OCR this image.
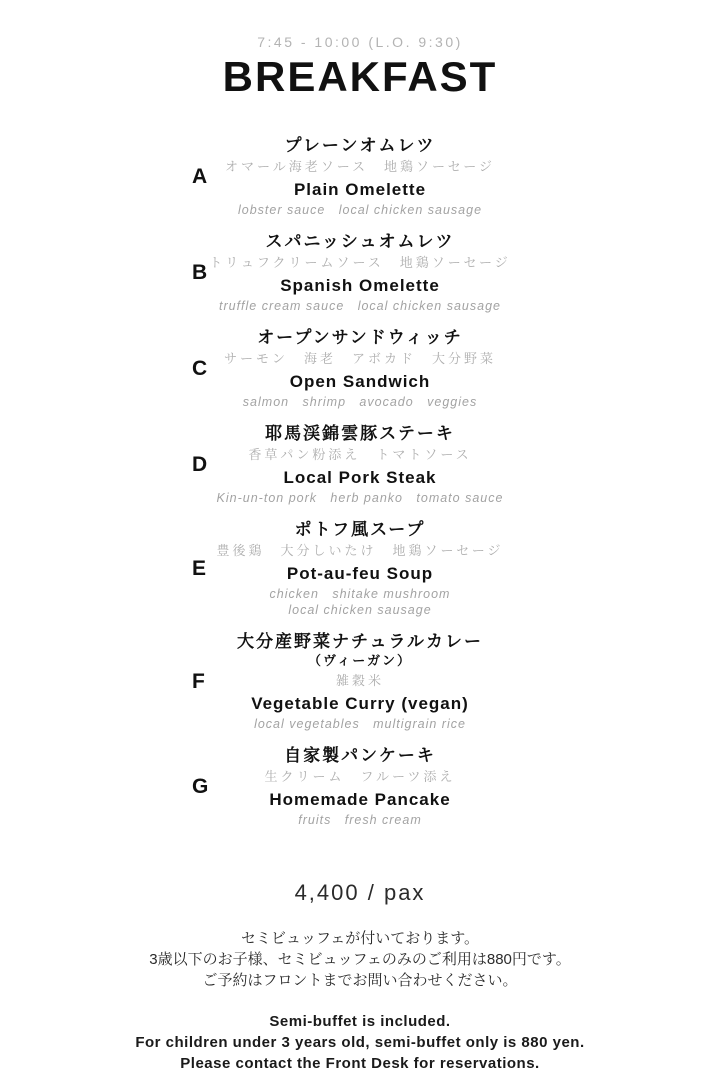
7:45 - 10:00 (L.O. 9:30)
BREAKFAST
A
プレーンオムレツ
オマール海老ソース　地鶏ソーセージ
Plain Omelette
lobster sauce   local chicken sausage
B
スパニッシュオムレツ
トリュフクリームソース　地鶏ソーセージ
Spanish Omelette
truffle cream sauce   local chicken sausage
C
オープンサンドウィッチ
サーモン　海老　アボカド　大分野菜
Open Sandwich
salmon   shrimp   avocado   veggies
D
耶馬渓錦雲豚ステーキ
香草パン粉添え　トマトソース
Local Pork Steak
Kin-un-ton pork   herb panko   tomato sauce
E
ポトフ風スープ
豊後鶏　大分しいたけ　地鶏ソーセージ
Pot-au-feu Soup
chicken   shitake mushroom
local chicken sausage
F
大分産野菜ナチュラルカレー
（ヴィーガン）
雑穀米
Vegetable Curry (vegan)
local vegetables   multigrain rice
G
自家製パンケーキ
生クリーム　フルーツ添え
Homemade Pancake
fruits   fresh cream
4,400 / pax
セミビュッフェが付いております。
3歳以下のお子様、セミビュッフェのみのご利用は880円です。
ご予約はフロントまでお問い合わせください。
Semi-buffet is included.
For children under 3 years old, semi-buffet only is 880 yen.
Please contact the Front Desk for reservations.
